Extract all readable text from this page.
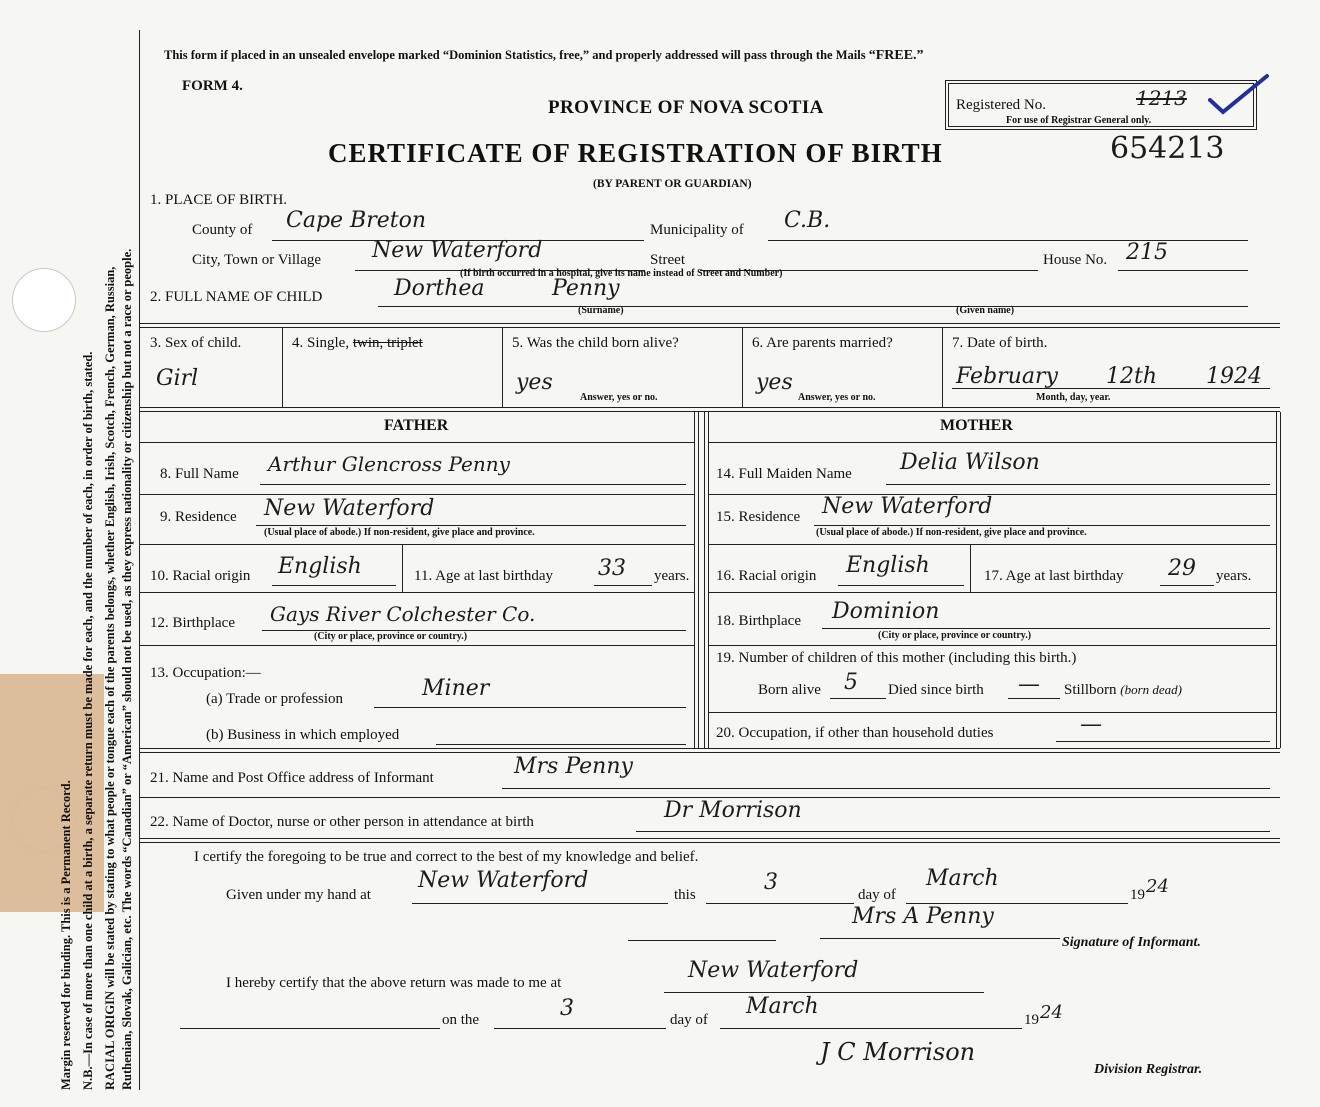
Margin reserved for binding. This is a Permanent Record. N.B.—In case of more than one child at a birth, a separate return must be made for each, and the number of each, in order of birth, stated. RACIAL ORIGIN will be stated by stating to what people or tongue each of the parents belongs, whether English, Irish, Scotch, French, German, Russian, Ruthenian, Slovak, Galician, etc. The words “Canadian” or “American” should not be used, as they express nationality or citizenship but not a race or people.
This form if placed in an unsealed envelope marked “Dominion Statistics, free,” and properly addressed will pass through the Mails “FREE.”
FORM 4.
PROVINCE OF NOVA SCOTIA
CERTIFICATE OF REGISTRATION OF BIRTH
(BY PARENT OR GUARDIAN)
Registered No.	1213
For use of Registrar General only.
654213
1. PLACE OF BIRTH.
County of Cape Breton	Municipality of C.B.
City, Town or Village New Waterford	Street
(If birth occurred in a hospital, give its name instead of Street and Number)
House No. 215
2. FULL NAME OF CHILD	Dorthea	Penny
(Surname)	(Given name)
3. Sex of child.
Girl
4. Single, twin, triplet	5. Was the child born alive?
yes
Answer, yes or no.
6. Are parents married?
yes
Answer, yes or no.
7. Date of birth.
February 12th 1924
Month, day, year.
FATHER	MOTHER
8. Full Name Arthur Glencross Penny
9. Residence New Waterford
(Usual place of abode.) If non-resident, give place and province.
10. Racial origin English	11. Age at last birthday 33 years.
12. Birthplace Gays River Colchester Co.
(City or place, province or country.)
13. Occupation:—
(a) Trade or profession	Miner
(b) Business in which employed
14. Full Maiden Name Delia Wilson
15. Residence New Waterford
(Usual place of abode.) If non-resident, give place and province.
16. Racial origin English	17. Age at last birthday 29 years.
18. Birthplace Dominion
(City or place, province or country.)
19. Number of children of this mother (including this birth.)
Born alive 5 Died since birth — Stillborn (born dead)
20. Occupation, if other than household duties	—
21. Name and Post Office address of Informant	Mrs Penny
22. Name of Doctor, nurse or other person in attendance at birth	Dr Morrison
I certify the foregoing to be true and correct to the best of my knowledge and belief.
Given under my hand at
New Waterford
this	3	day of
March
19 24
Mrs A Penny
Signature of Informant.
I hereby certify that the above return was made to me at	New Waterford
on the	3	day of
March
19 24
J C Morrison
Division Registrar.
